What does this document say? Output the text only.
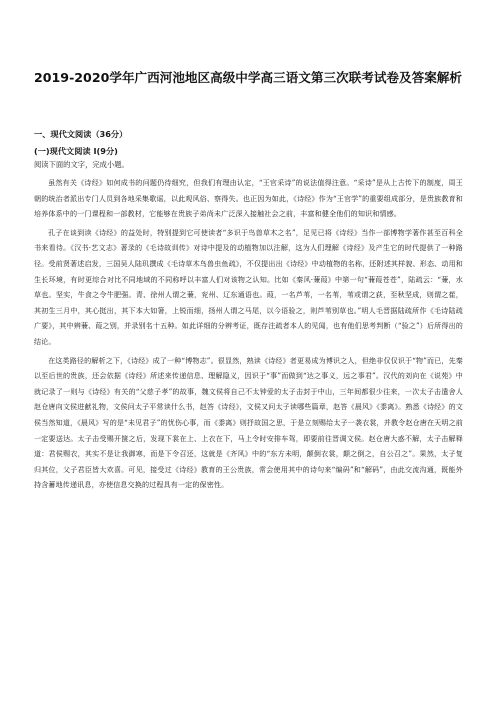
2019-2020学年广西河池地区高级中学高三语文第三次联考试卷及答案解析
一、现代文阅读（36分）
(一)现代文阅读 I(9分)
阅读下面的文字，完成小题。

虽然有关《诗经》如何成书的问题仍待细究，但我们有理由认定，“王官采诗”的说法值得注意。“采诗”是从上古传下的制度，周王朝的统治者派出专门人员到各地采集歌谣，以此观风俗、察得失。也正因为如此，《诗经》作为“王官学”的重要组成部分，是贵族教育和培养体系中的一门课程和一部教材，它能够在贵族子弟尚未广泛深入接触社会之前，丰富和健全他们的知识和情感。

孔子在谈到读《诗经》的益处时，特别提到它可使读者“多识于鸟兽草木之名”，足见已将《诗经》当作一部博物学著作甚至百科全书来看待。《汉书·艺文志》著录的《毛诗故训传》对诗中提及的动植物加以注解，这为人们理解《诗经》及产生它的时代提供了一种路径。受前贤著述启发，三国吴人陆玑撰成《毛诗草木鸟兽虫鱼疏》，不仅提出出《诗经》中动植物的名称，还附述其样貌、形态、动用和生长环境，有时更综合对比不同地域的不同称呼以丰富人们对该物之认知。比如《秦风·蒹葭》中第一句“蒹葭苍苍”，陆疏云：“蒹，水草也。坚实，牛食之令牛肥强。青、徐州人谓之蒹，兖州、辽东通语也。葭，一名芦苇，一名苇，苇或谓之荻，至秋坚成，则谓之萑，其初生三月中，其心挺出，其下本大如箸，上锐而细，扬州人谓之马尾，以今语验之，则芦苇别草也。”明人毛晋据陆疏所作《毛诗陆疏广要》，其中辨蒹、葭之别，并录别名十五种。如此详细的分辨考证，既存注疏者本人的见闻，也有他们思考判断（“验之”）后所得出的结论。

在这类路径的解析之下，《诗经》成了一种“博物志”。很显然，熟读《诗经》者更易成为博识之人，但绝非仅仅识于“物”而已，先秦以至后世的贵族，还会依据《诗经》所述来传递信息、理解隐义，因识于“事”而做到“达之事义，远之事君”。汉代的刘向在《说苑》中就记录了一则与《诗经》有关的“父慈子孝”的故事，魏文侯将自己不太钟爱的太子击封于中山，三年间都很少往来，一次太子击遣舍人赵仓唐向文侯进献礼物，文侯问太子平常读什么书，赵答《诗经》，文侯又问太子读哪些篇章，赵答《晨风》《黍离》。熟悉《诗经》的文侯当然知道，《晨风》写的是“未见君子”的忧伤心事，而《黍离》则抒故国之思，于是立刻赐给太子一袭衣裳，并教令赵仓唐在天明之前一定要送达。太子击受赐开箧之后，发现下裳在上、上衣在下，马上令时安排车驾，即要前往晋调文侯。赵仓唐大惑不解，太子击解释道：君侯赐衣，其实不是让我御寒，而是下令召还，这就是《齐风》中的“东方未明，颠倒衣裳，颠之倒之，自公召之”。果然，太子复归其位，父子君臣皆大欢喜。可见，接受过《诗经》教育的王公贵族，常会使用其中的诗句来“编码”和“解码”，由此交流沟通，既能外持含蓄地传递讯息，亦使信息交换的过程具有一定的保密性。
